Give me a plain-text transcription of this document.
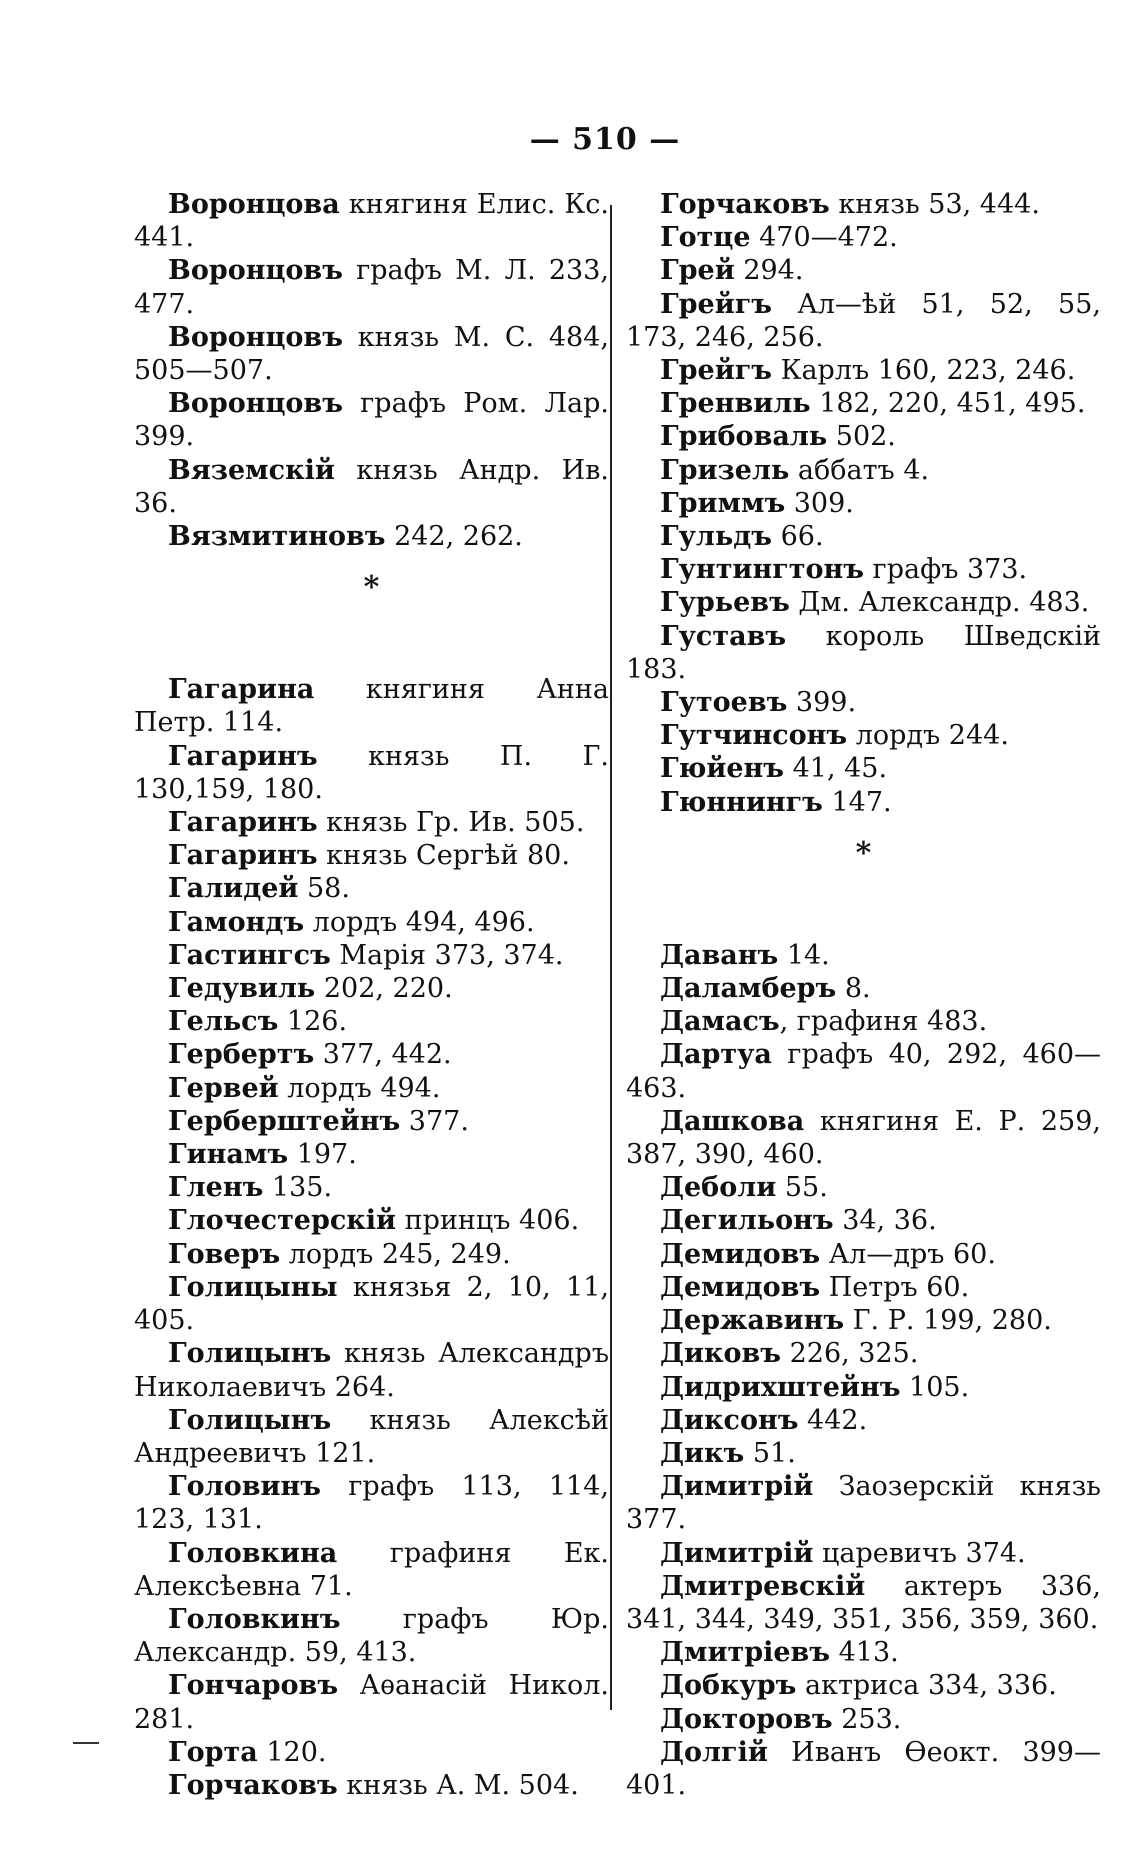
— 510 —

Воронцова княгиня Елис. Кс. 441.

Воронцовъ графъ М. Л. 233, 477.

Воронцовъ князь М. С. 484, 505—507.

Воронцовъ графъ Ром. Лар. 399.

Вяземскій князь Андр. Ив. 36.

Вязмитиновъ 242, 262.

*

Гагарина княгиня Анна Петр. 114.

Гагаринъ князь П. Г. 130,159, 180.

Гагаринъ князь Гр. Ив. 505.

Гагаринъ князь Сергѣй 80.

Галидей 58.

Гамондъ лордъ 494, 496.

Гастингсъ Марія 373, 374.

Гедувиль 202, 220.

Гельсъ 126.

Гербертъ 377, 442.

Гервей лордъ 494.

Герберштейнъ 377.

Гинамъ 197.

Гленъ 135.

Глочестерскій принцъ 406.

Говеръ лордъ 245, 249.

Голицыны князья 2, 10, 11, 405.

Голицынъ князь Александръ Николаевичъ 264.

Голицынъ князь Алексѣй Андреевичъ 121.

Головинъ графъ 113, 114, 123, 131.

Головкина графиня Ек. Алексѣевна 71.

Головкинъ графъ Юр. Александр. 59, 413.

Гончаровъ Аѳанасій Никол. 281.

Горта 120.

Горчаковъ князь А. М. 504.

Горчаковъ князь 53, 444.

Готце 470—472.

Грей 294.

Грейгъ Ал—ѣй 51, 52, 55, 173, 246, 256.

Грейгъ Карлъ 160, 223, 246.

Гренвиль 182, 220, 451, 495.

Грибоваль 502.

Гризель аббатъ 4.

Гриммъ 309.

Гульдъ 66.

Гунтингтонъ графъ 373.

Гурьевъ Дм. Александр. 483.

Густавъ король Шведскій 183.

Гутоевъ 399.

Гутчинсонъ лордъ 244.

Гюйенъ 41, 45.

Гюннингъ 147.

*

Даванъ 14.

Даламберъ 8.

Дамасъ, графиня 483.

Дартуа графъ 40, 292, 460—463.

Дашкова княгиня Е. Р. 259, 387, 390, 460.

Деболи 55.

Дегильонъ 34, 36.

Демидовъ Ал—дръ 60.

Демидовъ Петръ 60.

Державинъ Г. Р. 199, 280.

Диковъ 226, 325.

Дидрихштейнъ 105.

Диксонъ 442.

Дикъ 51.

Димитрій Заозерскій князь 377.

Димитрій царевичъ 374.

Дмитревскій актеръ 336, 341, 344, 349, 351, 356, 359, 360.

Дмитріевъ 413.

Добкуръ актриса 334, 336.

Докторовъ 253.

Долгій Иванъ Ѳеокт. 399—401.
